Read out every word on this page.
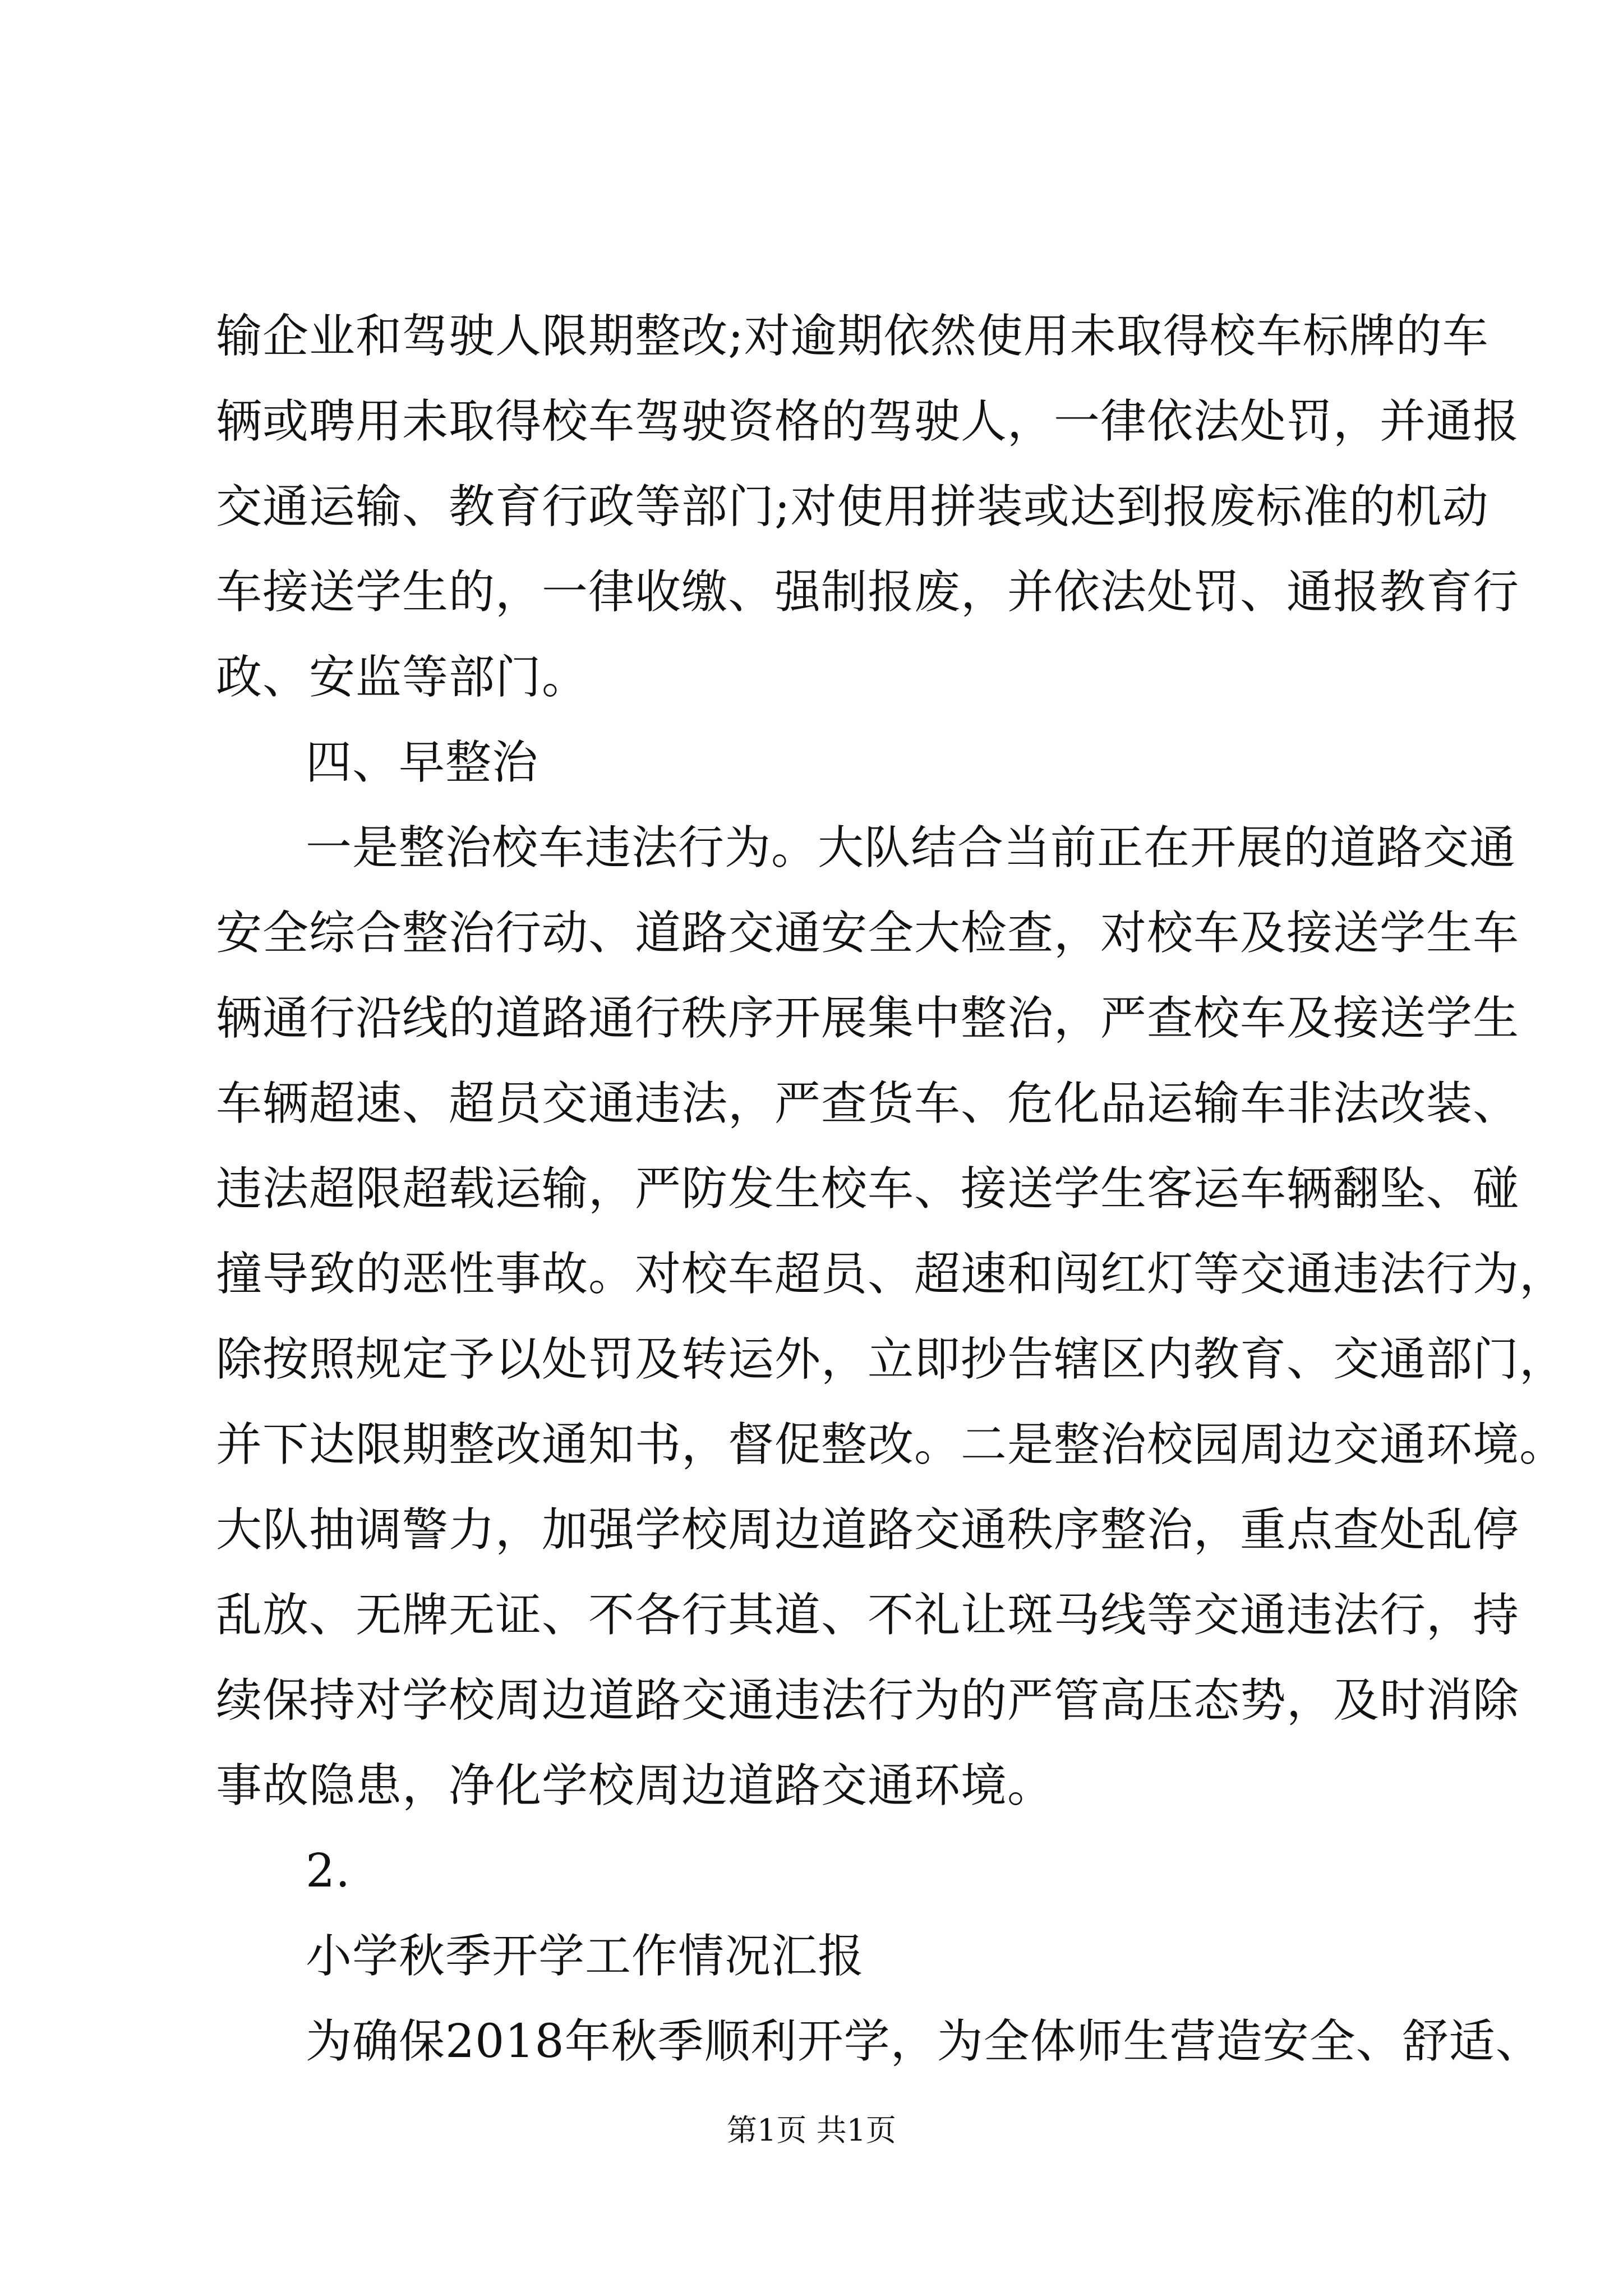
输企业和驾驶人限期整改;对逾期依然使用未取得校车标牌的车
辆或聘用未取得校车驾驶资格的驾驶人，一律依法处罚，并通报
交通运输、教育行政等部门;对使用拼装或达到报废标准的机动
车接送学生的，一律收缴、强制报废，并依法处罚、通报教育行
政、安监等部门。
四、早整治
一是整治校车违法行为。大队结合当前正在开展的道路交通
安全综合整治行动、道路交通安全大检查，对校车及接送学生车
辆通行沿线的道路通行秩序开展集中整治，严查校车及接送学生
车辆超速、超员交通违法，严查货车、危化品运输车非法改装、
违法超限超载运输，严防发生校车、接送学生客运车辆翻坠、碰
撞导致的恶性事故。对校车超员、超速和闯红灯等交通违法行为，
除按照规定予以处罚及转运外，立即抄告辖区内教育、交通部门，
并下达限期整改通知书，督促整改。二是整治校园周边交通环境。
大队抽调警力，加强学校周边道路交通秩序整治，重点查处乱停
乱放、无牌无证、不各行其道、不礼让斑马线等交通违法行，持
续保持对学校周边道路交通违法行为的严管高压态势，及时消除
事故隐患，净化学校周边道路交通环境。
2.
小学秋季开学工作情况汇报
为确保2018年秋季顺利开学，为全体师生营造安全、舒适、
第1页 共1页
